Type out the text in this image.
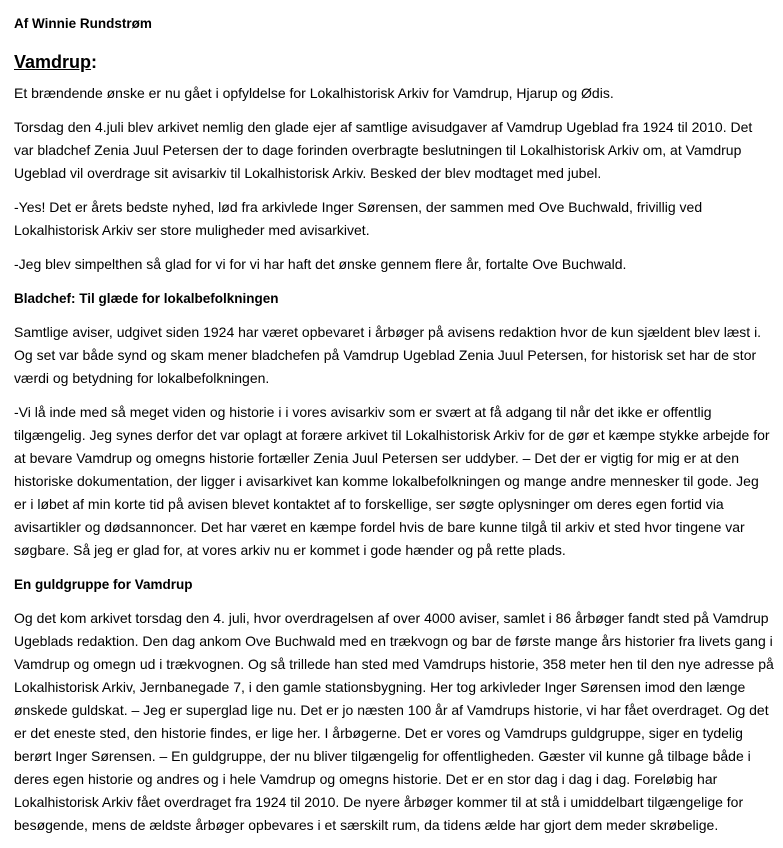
Af Winnie Rundstrøm
Vamdrup:

Et brændende ønske er nu gået i opfyldelse for Lokalhistorisk Arkiv for Vamdrup, Hjarup og Ødis.

Torsdag den 4.juli blev arkivet nemlig den glade ejer af samtlige avisudgaver af Vamdrup Ugeblad fra 1924 til 2010. Det var bladchef Zenia Juul Petersen der to dage forinden overbragte beslutningen til Lokalhistorisk Arkiv om, at Vamdrup Ugeblad vil overdrage sit avisarkiv til Lokalhistorisk Arkiv. Besked der blev modtaget med jubel.

-Yes! Det er årets bedste nyhed, lød fra arkivlede Inger Sørensen, der sammen med Ove Buchwald, frivillig ved Lokalhistorisk Arkiv ser store muligheder med avisarkivet.

-Jeg blev simpelthen så glad for vi for vi har haft det ønske gennem flere år, fortalte Ove Buchwald.

Bladchef: Til glæde for lokalbefolkningen

Samtlige aviser, udgivet siden 1924 har været opbevaret i årbøger på avisens redaktion hvor de kun sjældent blev læst i. Og set var både synd og skam mener bladchefen på Vamdrup Ugeblad Zenia Juul Petersen, for historisk set har de stor værdi og betydning for lokalbefolkningen.

-Vi lå inde med så meget viden og historie i i vores avisarkiv som er svært at få adgang til når det ikke er offentlig tilgængelig. Jeg synes derfor det var oplagt at forære arkivet til Lokalhistorisk Arkiv for de gør et kæmpe stykke arbejde for at bevare Vamdrup og omegns historie fortæller Zenia Juul Petersen ser uddyber. – Det der er vigtig for mig er at den historiske dokumentation, der ligger i avisarkivet kan komme lokalbefolkningen og mange andre mennesker til gode. Jeg er i løbet af min korte tid på avisen blevet kontaktet af to forskellige, ser søgte oplysninger om deres egen fortid via avisartikler og dødsannoncer. Det har været en kæmpe fordel hvis de bare kunne tilgå til arkiv et sted hvor tingene var søgbare. Så jeg er glad for, at vores arkiv nu er kommet i gode hænder og på rette plads.

En guldgruppe for Vamdrup

Og det kom arkivet torsdag den 4. juli, hvor overdragelsen af over 4000 aviser, samlet i 86 årbøger fandt sted på Vamdrup Ugeblads redaktion. Den dag ankom Ove Buchwald med en trækvogn og bar de første mange års historier fra livets gang i Vamdrup og omegn ud i trækvognen. Og så trillede han sted med Vamdrups historie, 358 meter hen til den nye adresse på Lokalhistorisk Arkiv, Jernbanegade 7, i den gamle stationsbygning. Her tog arkivleder Inger Sørensen imod den længe ønskede guldskat. – Jeg er superglad lige nu. Det er jo næsten 100 år af Vamdrups historie, vi har fået overdraget. Og det er det eneste sted, den historie findes, er lige her. I årbøgerne. Det er vores og Vamdrups guldgruppe, siger en tydelig berørt Inger Sørensen. – En guldgruppe, der nu bliver tilgængelig for offentligheden. Gæster vil kunne gå tilbage både i deres egen historie og andres og i hele Vamdrup og omegns historie. Det er en stor dag i dag i dag. Foreløbig har Lokalhistorisk Arkiv fået overdraget fra 1924 til 2010. De nyere årbøger kommer til at stå i umiddelbart tilgængelige for besøgende, mens de ældste årbøger opbevares i et særskilt rum, da tidens ælde har gjort dem meder skrøbelige.
